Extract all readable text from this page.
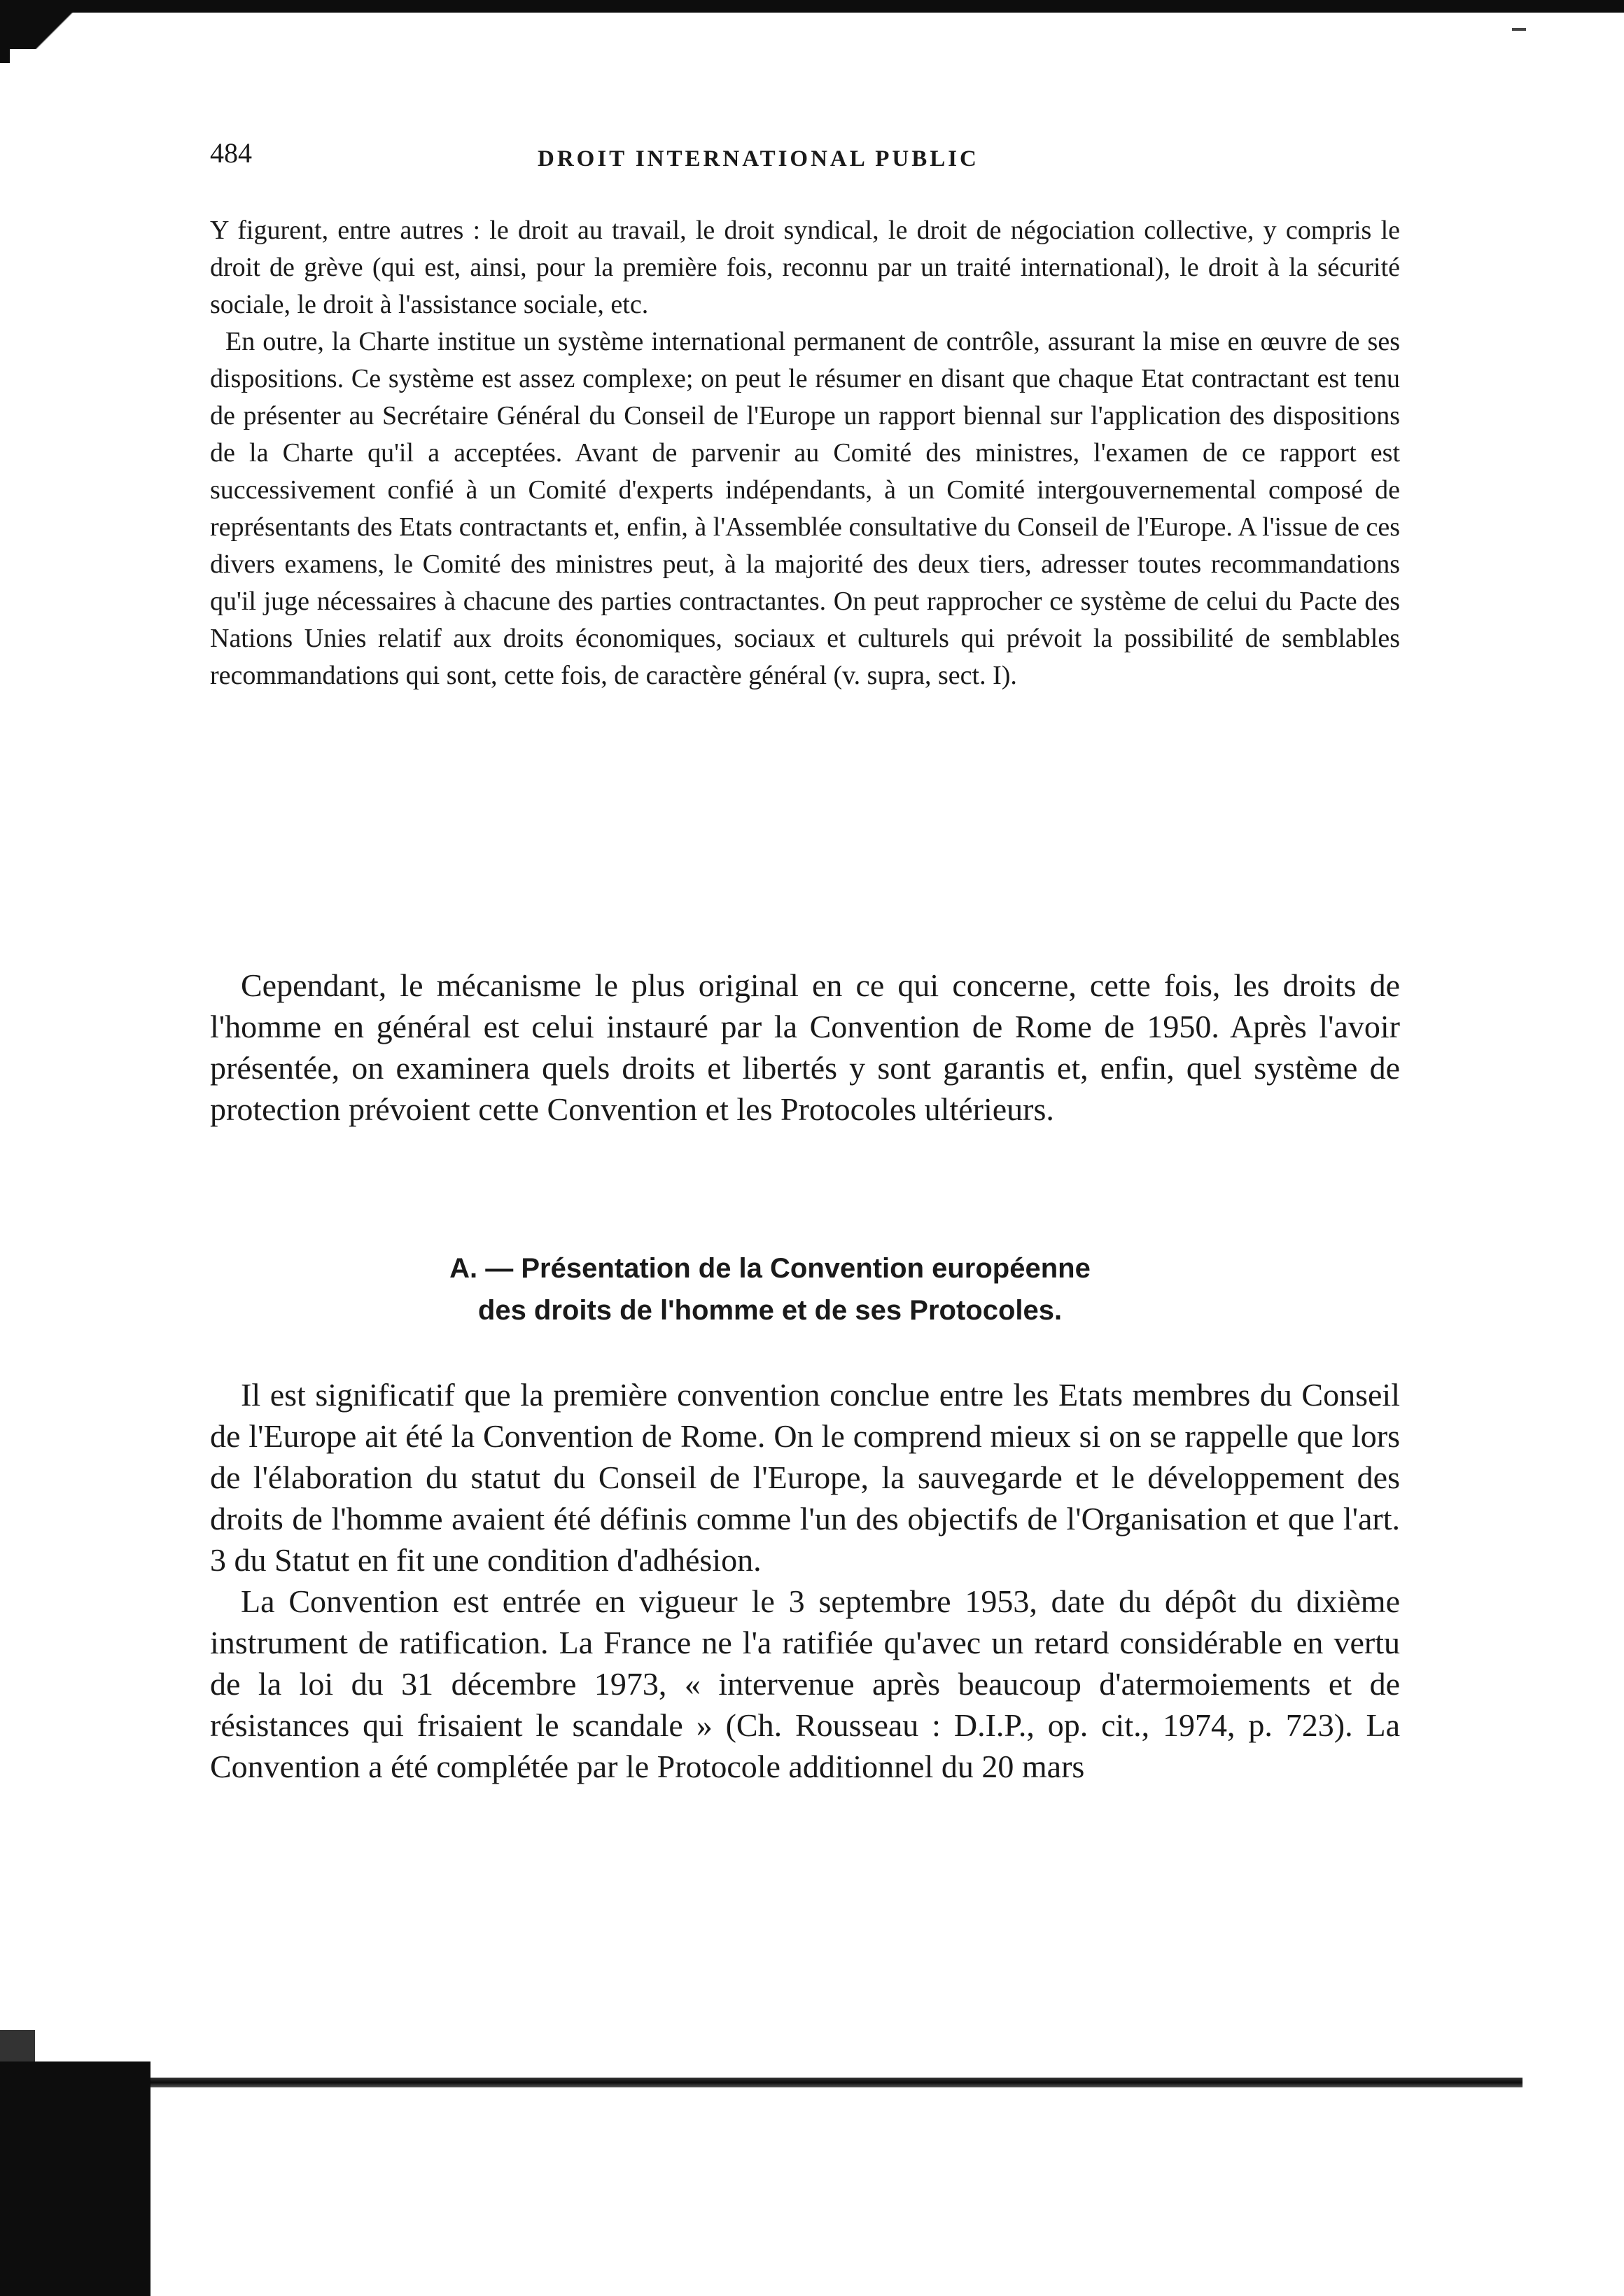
484	DROIT INTERNATIONAL PUBLIC

Y figurent, entre autres : le droit au travail, le droit syndical, le droit de négociation collective, y compris le droit de grève (qui est, ainsi, pour la première fois, reconnu par un traité international), le droit à la sécurité sociale, le droit à l'assistance sociale, etc.

En outre, la Charte institue un système international permanent de contrôle, assurant la mise en œuvre de ses dispositions. Ce système est assez complexe; on peut le résumer en disant que chaque Etat contractant est tenu de présenter au Secrétaire Général du Conseil de l'Europe un rapport biennal sur l'application des dispositions de la Charte qu'il a acceptées. Avant de parvenir au Comité des ministres, l'examen de ce rapport est successivement confié à un Comité d'experts indépendants, à un Comité intergouvernemental composé de représentants des Etats contractants et, enfin, à l'Assemblée consultative du Conseil de l'Europe. A l'issue de ces divers examens, le Comité des ministres peut, à la majorité des deux tiers, adresser toutes recommandations qu'il juge nécessaires à chacune des parties contractantes. On peut rapprocher ce système de celui du Pacte des Nations Unies relatif aux droits économiques, sociaux et culturels qui prévoit la possibilité de semblables recommandations qui sont, cette fois, de caractère général (v. supra, sect. I).

Cependant, le mécanisme le plus original en ce qui concerne, cette fois, les droits de l'homme en général est celui instauré par la Convention de Rome de 1950. Après l'avoir présentée, on examinera quels droits et libertés y sont garantis et, enfin, quel système de protection prévoient cette Convention et les Protocoles ultérieurs.

A. — Présentation de la Convention européenne
des droits de l'homme et de ses Protocoles.

Il est significatif que la première convention conclue entre les Etats membres du Conseil de l'Europe ait été la Convention de Rome. On le comprend mieux si on se rappelle que lors de l'élaboration du statut du Conseil de l'Europe, la sauvegarde et le développement des droits de l'homme avaient été définis comme l'un des objectifs de l'Organisation et que l'art. 3 du Statut en fit une condition d'adhésion.

La Convention est entrée en vigueur le 3 septembre 1953, date du dépôt du dixième instrument de ratification. La France ne l'a ratifiée qu'avec un retard considérable en vertu de la loi du 31 décembre 1973, « intervenue après beaucoup d'atermoiements et de résistances qui frisaient le scandale » (Ch. Rousseau : D.I.P., op. cit., 1974, p. 723). La Convention a été complétée par le Protocole additionnel du 20 mars
